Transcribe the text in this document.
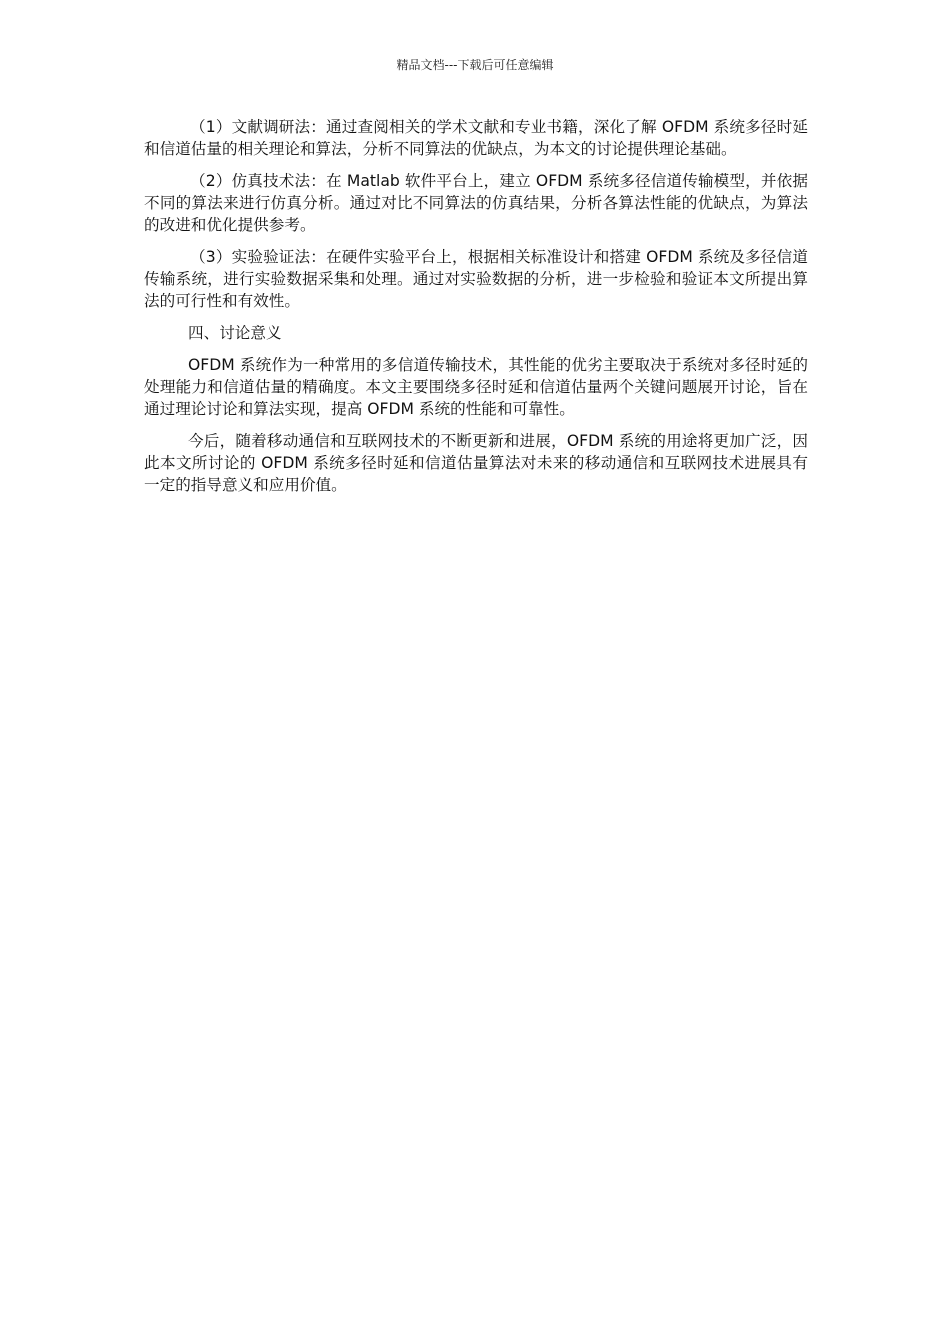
精品文档---下载后可任意编辑

（1）文献调研法：通过查阅相关的学术文献和专业书籍，深化了解 OFDM 系统多径时延和信道估量的相关理论和算法，分析不同算法的优缺点，为本文的讨论提供理论基础。

（2）仿真技术法：在 Matlab 软件平台上，建立 OFDM 系统多径信道传输模型，并依据不同的算法来进行仿真分析。通过对比不同算法的仿真结果，分析各算法性能的优缺点，为算法的改进和优化提供参考。

（3）实验验证法：在硬件实验平台上，根据相关标准设计和搭建 OFDM 系统及多径信道传输系统，进行实验数据采集和处理。通过对实验数据的分析，进一步检验和验证本文所提出算法的可行性和有效性。

四、讨论意义

OFDM 系统作为一种常用的多信道传输技术，其性能的优劣主要取决于系统对多径时延的处理能力和信道估量的精确度。本文主要围绕多径时延和信道估量两个关键问题展开讨论，旨在通过理论讨论和算法实现，提高 OFDM 系统的性能和可靠性。

今后，随着移动通信和互联网技术的不断更新和进展，OFDM 系统的用途将更加广泛，因此本文所讨论的 OFDM 系统多径时延和信道估量算法对未来的移动通信和互联网技术进展具有一定的指导意义和应用价值。
